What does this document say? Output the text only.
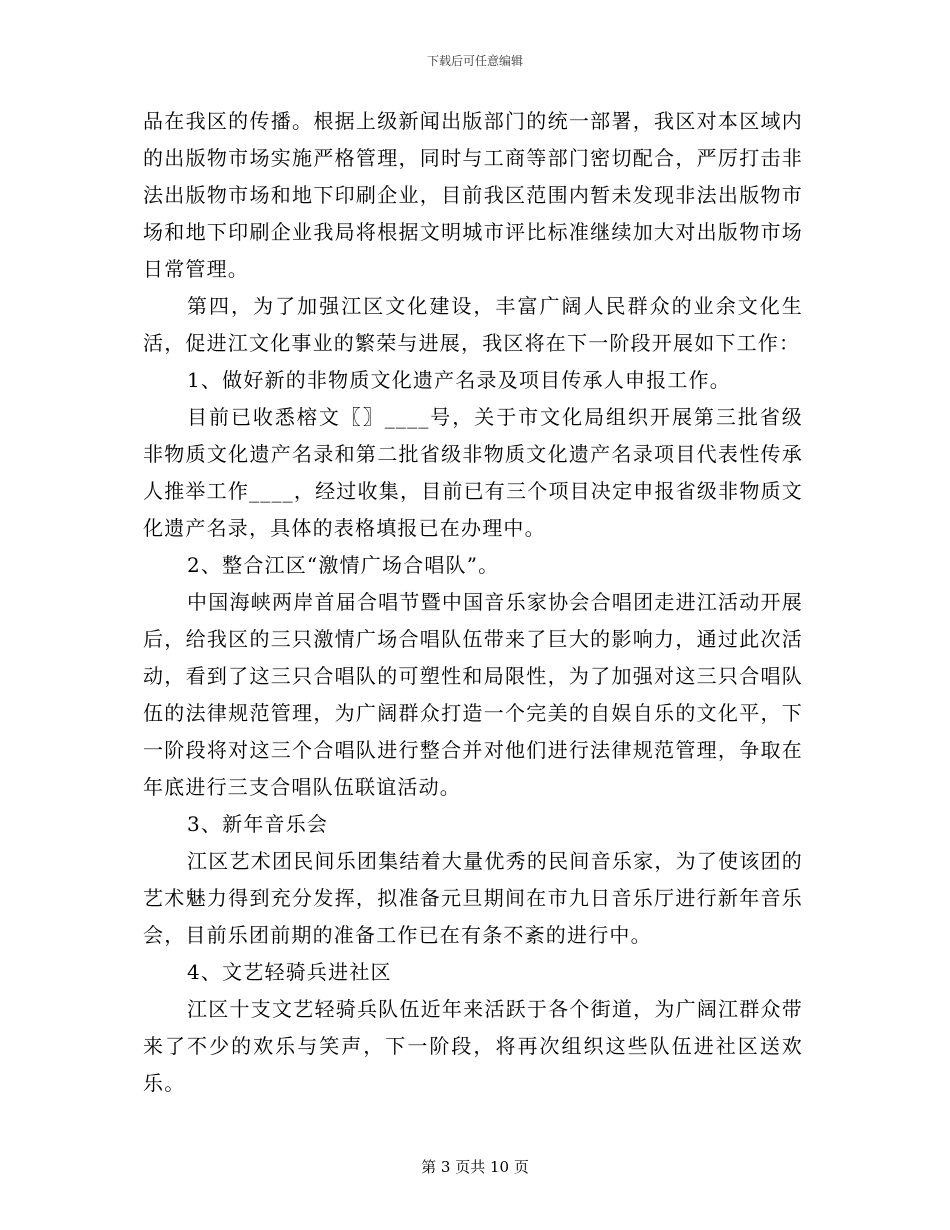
下载后可任意编辑

品在我区的传播。根据上级新闻出版部门的统一部署，我区对本区域内的出版物市场实施严格管理，同时与工商等部门密切配合，严厉打击非法出版物市场和地下印刷企业，目前我区范围内暂未发现非法出版物市场和地下印刷企业我局将根据文明城市评比标准继续加大对出版物市场日常管理。

第四，为了加强江区文化建设，丰富广阔人民群众的业余文化生活，促进江文化事业的繁荣与进展，我区将在下一阶段开展如下工作：

1、做好新的非物质文化遗产名录及项目传承人申报工作。

目前已收悉榕文〖〗____号，关于市文化局组织开展第三批省级非物质文化遗产名录和第二批省级非物质文化遗产名录项目代表性传承人推举工作____，经过收集，目前已有三个项目决定申报省级非物质文化遗产名录，具体的表格填报已在办理中。

2、整合江区“激情广场合唱队”。

中国海峡两岸首届合唱节暨中国音乐家协会合唱团走进江活动开展后，给我区的三只激情广场合唱队伍带来了巨大的影响力，通过此次活动，看到了这三只合唱队的可塑性和局限性，为了加强对这三只合唱队伍的法律规范管理，为广阔群众打造一个完美的自娱自乐的文化平，下一阶段将对这三个合唱队进行整合并对他们进行法律规范管理，争取在年底进行三支合唱队伍联谊活动。

3、新年音乐会

江区艺术团民间乐团集结着大量优秀的民间音乐家，为了使该团的艺术魅力得到充分发挥，拟准备元旦期间在市九日音乐厅进行新年音乐会，目前乐团前期的准备工作已在有条不紊的进行中。

4、文艺轻骑兵进社区

江区十支文艺轻骑兵队伍近年来活跃于各个街道，为广阔江群众带来了不少的欢乐与笑声，下一阶段，将再次组织这些队伍进社区送欢乐。

第 3 页共 10 页
